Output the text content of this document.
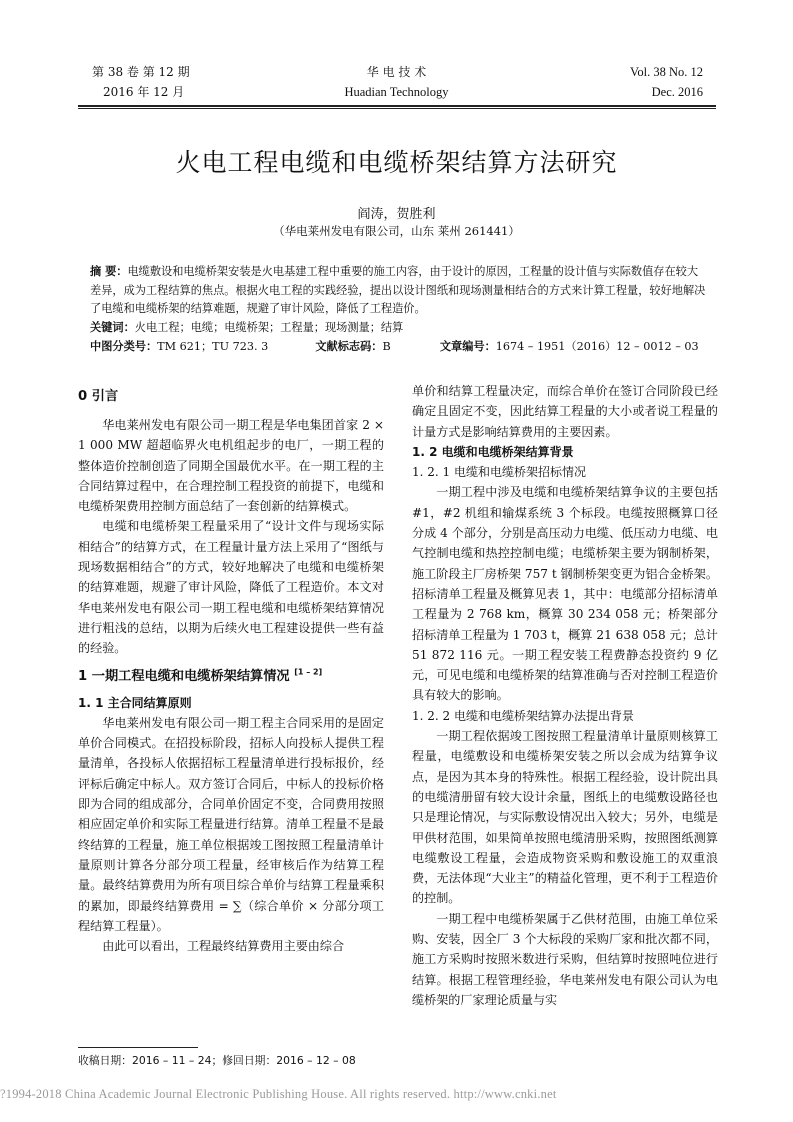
第 38 卷 第 12 期
2016 年 12 月
华 电 技 术
Huadian Technology
Vol. 38 No. 12
Dec. 2016
火电工程电缆和电缆桥架结算方法研究
阎涛，贺胜利
（华电莱州发电有限公司，山东 莱州 261441）
摘 要：电缆敷设和电缆桥架安装是火电基建工程中重要的施工内容，由于设计的原因，工程量的设计值与实际数值存在较大差异，成为工程结算的焦点。根据火电工程的实践经验，提出以设计图纸和现场测量相结合的方式来计算工程量，较好地解决了电缆和电缆桥架的结算难题，规避了审计风险，降低了工程造价。
关键词：火电工程；电缆；电缆桥架；工程量；现场测量；结算
中图分类号：TM 621；TU 723. 3	文献标志码：B	文章编号：1674 – 1951（2016）12 – 0012 – 03
0 引言

华电莱州发电有限公司一期工程是华电集团首家 2 × 1 000 MW 超超临界火电机组起步的电厂，一期工程的整体造价控制创造了同期全国最优水平。在一期工程的主合同结算过程中，在合理控制工程投资的前提下，电缆和电缆桥架费用控制方面总结了一套创新的结算模式。

电缆和电缆桥架工程量采用了“设计文件与现场实际相结合”的结算方式，在工程量计量方法上采用了“图纸与现场数据相结合”的方式，较好地解决了电缆和电缆桥架的结算难题，规避了审计风险，降低了工程造价。本文对华电莱州发电有限公司一期工程电缆和电缆桥架结算情况进行粗浅的总结，以期为后续火电工程建设提供一些有益的经验。

1 一期工程电缆和电缆桥架结算情况 [1 – 2]
1. 1 主合同结算原则

华电莱州发电有限公司一期工程主合同采用的是固定单价合同模式。在招投标阶段，招标人向投标人提供工程量清单，各投标人依据招标工程量清单进行投标报价，经评标后确定中标人。双方签订合同后，中标人的投标价格即为合同的组成部分，合同单价固定不变，合同费用按照相应固定单价和实际工程量进行结算。清单工程量不是最终结算的工程量，施工单位根据竣工图按照工程量清单计量原则计算各分部分项工程量，经审核后作为结算工程量。最终结算费用为所有项目综合单价与结算工程量乘积的累加，即最终结算费用 = ∑（综合单价 × 分部分项工程结算工程量）。

由此可以看出，工程最终结算费用主要由综合

单价和结算工程量决定，而综合单价在签订合同阶段已经确定且固定不变，因此结算工程量的大小或者说工程量的计量方式是影响结算费用的主要因素。

1. 2 电缆和电缆桥架结算背景
1. 2. 1 电缆和电缆桥架招标情况

一期工程中涉及电缆和电缆桥架结算争议的主要包括 #1，#2 机组和输煤系统 3 个标段。电缆按照概算口径分成 4 个部分，分别是高压动力电缆、低压动力电缆、电气控制电缆和热控控制电缆；电缆桥架主要为钢制桥架，施工阶段主厂房桥架 757 t 钢制桥架变更为铝合金桥架。招标清单工程量及概算见表 1，其中：电缆部分招标清单工程量为 2 768 km，概算 30 234 058 元；桥架部分招标清单工程量为 1 703 t，概算 21 638 058 元；总计 51 872 116 元。一期工程安装工程费静态投资约 9 亿元，可见电缆和电缆桥架的结算准确与否对控制工程造价具有较大的影响。

1. 2. 2 电缆和电缆桥架结算办法提出背景

一期工程依据竣工图按照工程量清单计量原则核算工程量，电缆敷设和电缆桥架安装之所以会成为结算争议点，是因为其本身的特殊性。根据工程经验，设计院出具的电缆清册留有较大设计余量，图纸上的电缆敷设路径也只是理论情况，与实际敷设情况出入较大；另外，电缆是甲供材范围，如果简单按照电缆清册采购，按照图纸测算电缆敷设工程量，会造成物资采购和敷设施工的双重浪费，无法体现“大业主”的精益化管理，更不利于工程造价的控制。

一期工程中电缆桥架属于乙供材范围，由施工单位采购、安装，因全厂 3 个大标段的采购厂家和批次都不同，施工方采购时按照米数进行采购，但结算时按照吨位进行结算。根据工程管理经验，华电莱州发电有限公司认为电缆桥架的厂家理论质量与实

收稿日期：2016 – 11 – 24；修回日期：2016 – 12 – 08
?1994-2018 China Academic Journal Electronic Publishing House. All rights reserved. http://www.cnki.net
